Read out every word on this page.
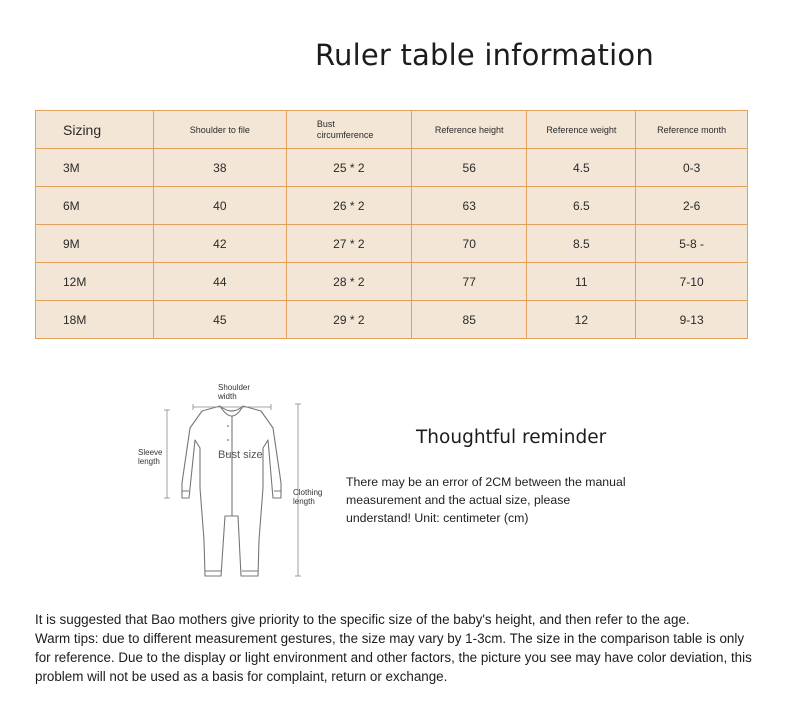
Ruler table information
Sizing	Shoulder to file	Bust circumference	Reference height	Reference weight	Reference month
3M	38	25 * 2	56	4.5	0-3
6M	40	26 * 2	63	6.5	2-6
9M	42	27 * 2	70	8.5	5-8 -
12M	44	28 * 2	77	11	7-10
18M	45	29 * 2	85	12	9-13
Shoulder width
Sleeve length
Bust size
Clothing length
Thoughtful reminder
There may be an error of 2CM between the manual measurement and the actual size, please understand! Unit: centimeter (cm)

It is suggested that Bao mothers give priority to the specific size of the baby's height, and then refer to the age.

Warm tips: due to different measurement gestures, the size may vary by 1-3cm. The size in the comparison table is only for reference. Due to the display or light environment and other factors, the picture you see may have color deviation, this problem will not be used as a basis for complaint, return or exchange.
